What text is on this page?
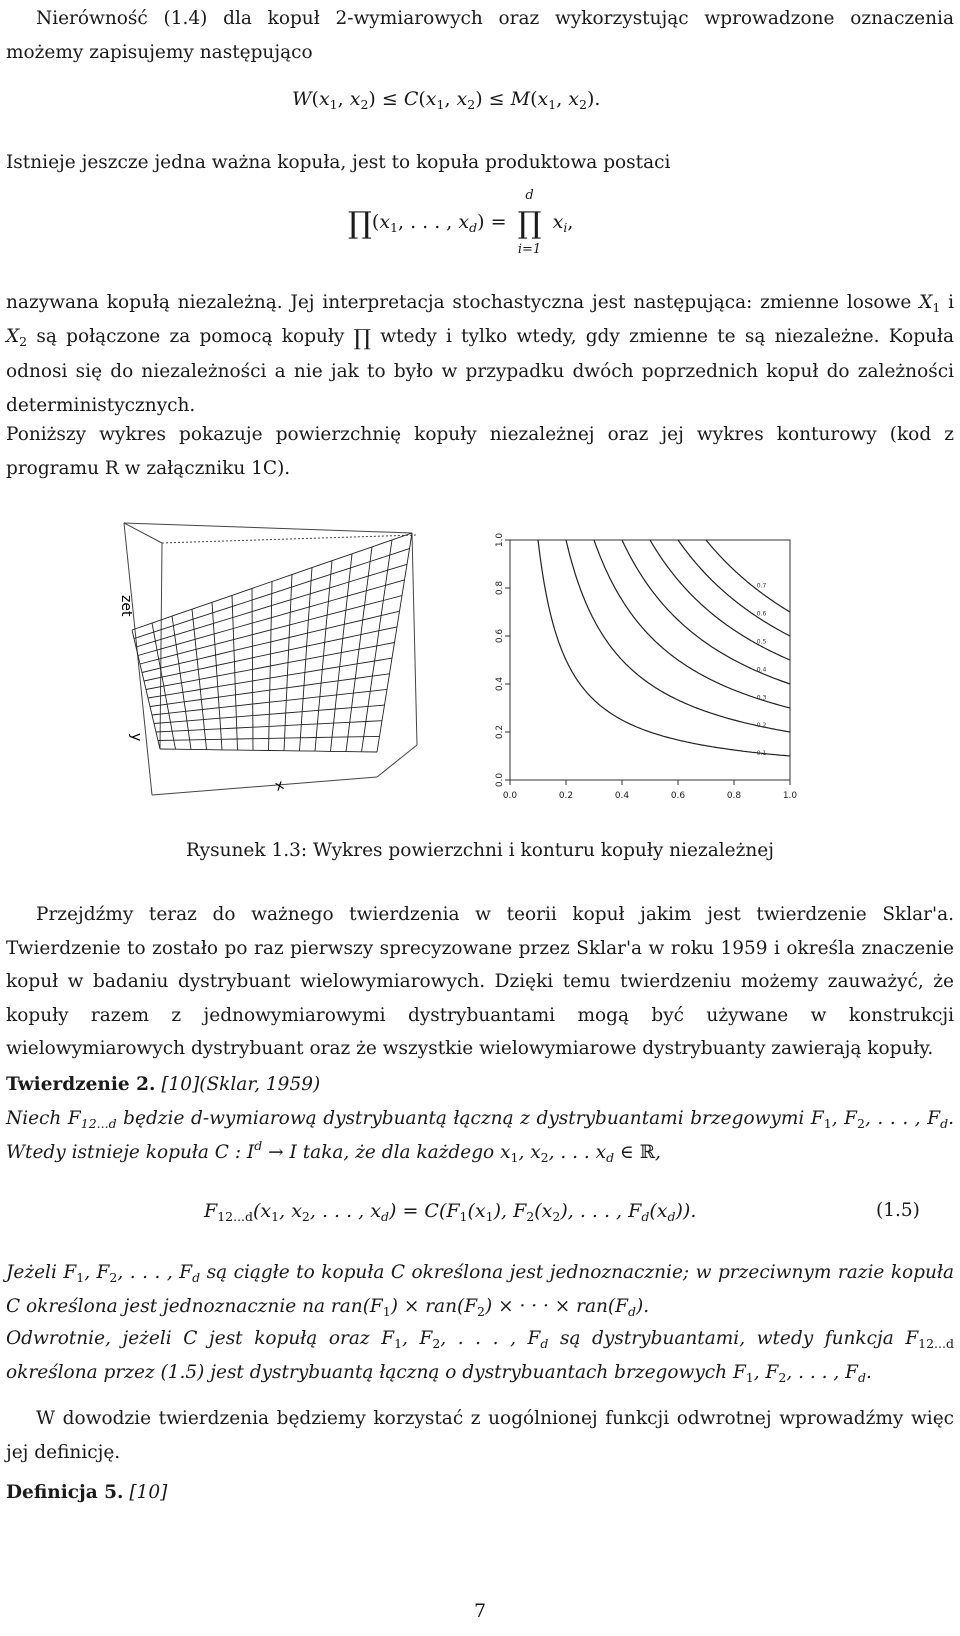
Nierówność (1.4) dla kopuł 2-wymiarowych oraz wykorzystując wprowadzone oznaczenia możemy zapisujemy następująco

$W(x_1$, $x_2) \le C(x_1$, $x_2) \le M(x_1$, $x_2$).

Istnieje jeszcze jedna ważna kopuła, jest to kopuła produktowa postaci

$\prod(x_1$, . . . , $x_d$) =
d
∏
i=1
$x_i$,

nazywana kopułą niezależną. Jej interpretacja stochastyczna jest następująca: zmienne losowe $X_1$ i $X_2$ są połączone za pomocą kopuły ∏ wtedy i tylko wtedy, gdy zmienne te są niezależne. Kopuła odnosi się do niezależności a nie jak to było w przypadku dwóch poprzednich kopuł do zależności deterministycznych.

Poniższy wykres pokazuje powierzchnię kopuły niezależnej oraz jej wykres konturowy (kod z programu R w załączniku 1C).

zet
y
x
0.1
0.2
0.3
0.4
0.5
0.6
0.7
0.0	0.2	0.4	0.6	0.8	1.0
0.0
0.2
0.4
0.6
0.8
1.0
Rysunek 1.3: Wykres powierzchni i konturu kopuły niezależnej

Przejdźmy teraz do ważnego twierdzenia w teorii kopuł jakim jest twierdzenie Sklar'a. Twierdzenie to zostało po raz pierwszy sprecyzowane przez Sklar'a w roku 1959 i określa znaczenie kopuł w badaniu dystrybuant wielowymiarowych. Dzięki temu twierdzeniu możemy zauważyć, że kopuły razem z jednowymiarowymi dystrybuantami mogą być używane w konstrukcji wielowymiarowych dystrybuant oraz że wszystkie wielowymiarowe dystrybuanty zawierają kopuły.

Twierdzenie 2. [10](Sklar, 1959)

Niech $F_{12...d}$ będzie d-wymiarową dystrybuantą łączną z dystrybuantami brzegowymi $F_1$, $F_2$, . . . , $F_d$. Wtedy istnieje kopuła C : $I^d \to I$ taka, że dla każdego $x_1$, $x_2$, . . . $x_d$ ∈ ℝ,

$F_{12...d}(x_1$, $x_2$, . . . , $x_d) = C(F_1(x_1)$, $F_2(x_2)$, . . . , $F_d(x_d)$).	(1.5)

Jeżeli $F_1$, $F_2$, . . . , $F_d$ są ciągłe to kopuła C określona jest jednoznacznie; w przeciwnym razie kopuła C określona jest jednoznacznie na $ran(F_1) \times ran(F_2)$ × · · · × $ran(F_d)$.

Odwrotnie, jeżeli C jest kopułą oraz $F_1$, $F_2$, . . . , $F_d$ są dystrybuantami, wtedy funkcja $F_{12...d}$ określona przez (1.5) jest dystrybuantą łączną o dystrybuantach brzegowych $F_1$, $F_2$, . . . , $F_d$.

W dowodzie twierdzenia będziemy korzystać z uogólnionej funkcji odwrotnej wprowadźmy więc jej definicję.

Definicja 5. [10]

7
